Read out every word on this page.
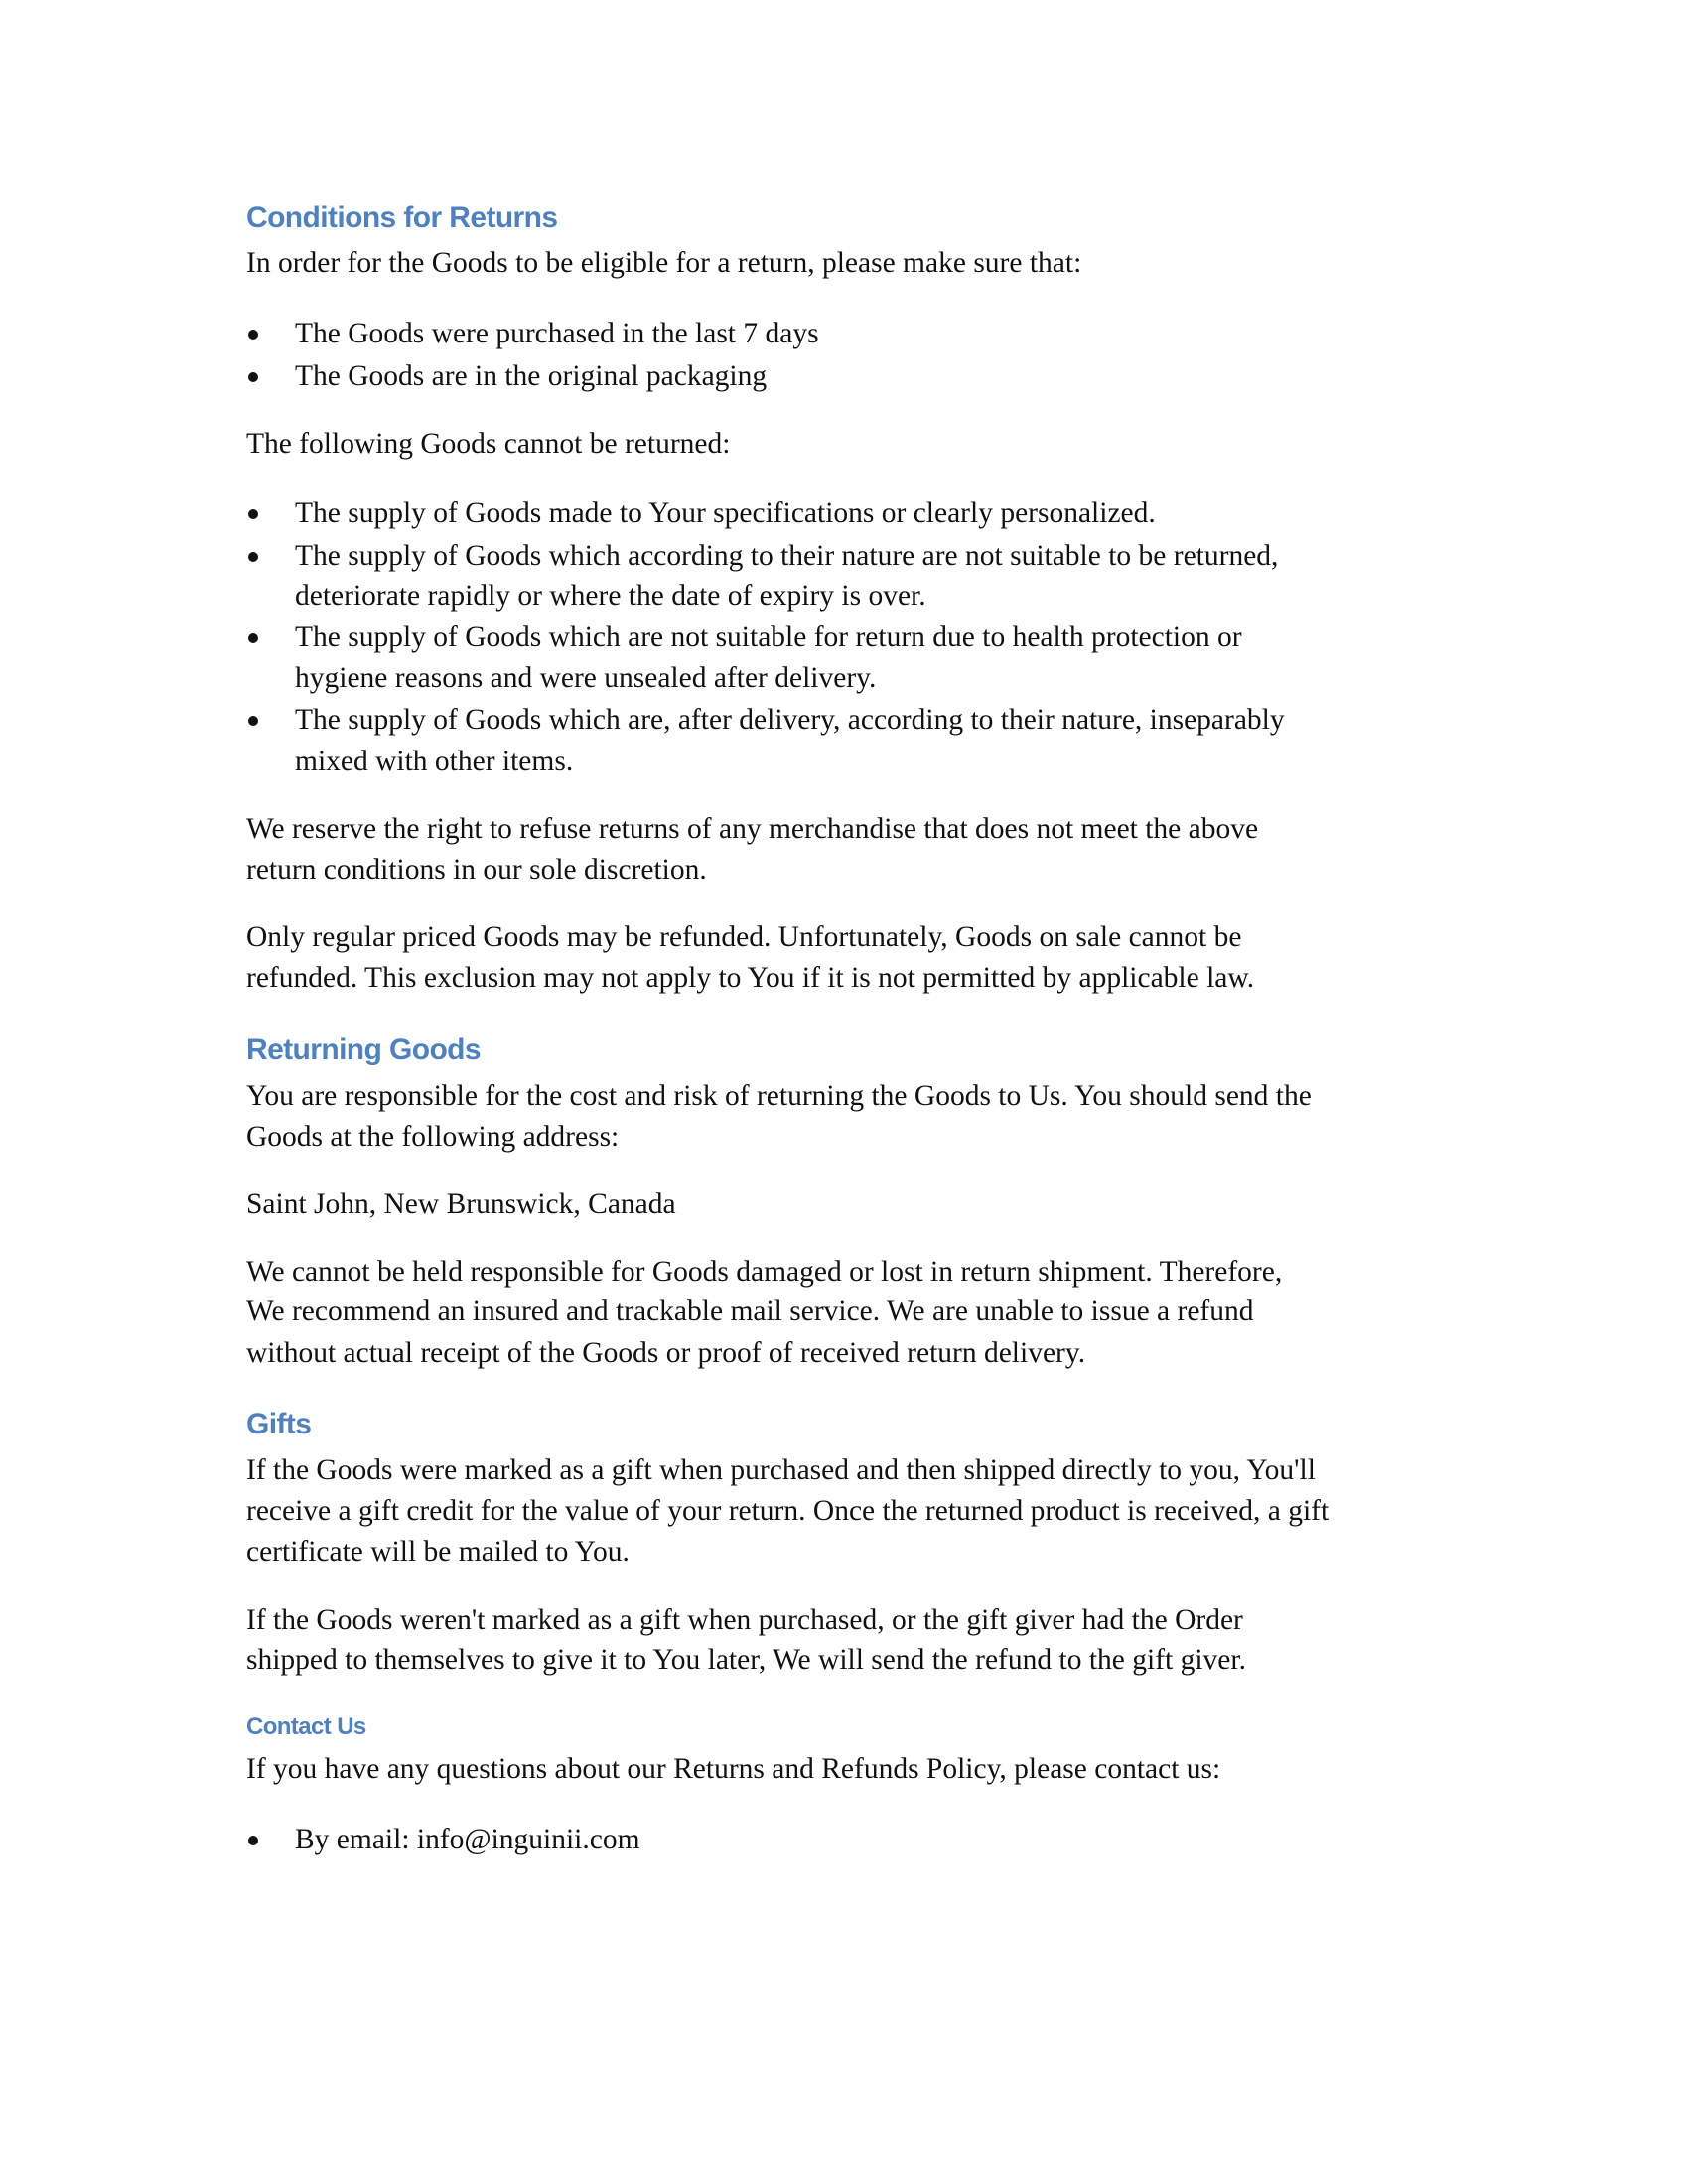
Conditions for Returns
In order for the Goods to be eligible for a return, please make sure that:
The Goods were purchased in the last 7 days
The Goods are in the original packaging
The following Goods cannot be returned:
The supply of Goods made to Your specifications or clearly personalized.
The supply of Goods which according to their nature are not suitable to be returned,
deteriorate rapidly or where the date of expiry is over.
The supply of Goods which are not suitable for return due to health protection or
hygiene reasons and were unsealed after delivery.
The supply of Goods which are, after delivery, according to their nature, inseparably
mixed with other items.
We reserve the right to refuse returns of any merchandise that does not meet the above
return conditions in our sole discretion.
Only regular priced Goods may be refunded. Unfortunately, Goods on sale cannot be
refunded. This exclusion may not apply to You if it is not permitted by applicable law.
Returning Goods
You are responsible for the cost and risk of returning the Goods to Us. You should send the
Goods at the following address:
Saint John, New Brunswick, Canada
We cannot be held responsible for Goods damaged or lost in return shipment. Therefore,
We recommend an insured and trackable mail service. We are unable to issue a refund
without actual receipt of the Goods or proof of received return delivery.
Gifts
If the Goods were marked as a gift when purchased and then shipped directly to you, You'll
receive a gift credit for the value of your return. Once the returned product is received, a gift
certificate will be mailed to You.
If the Goods weren't marked as a gift when purchased, or the gift giver had the Order
shipped to themselves to give it to You later, We will send the refund to the gift giver.
Contact Us
If you have any questions about our Returns and Refunds Policy, please contact us:
By email: info@inguinii.com
